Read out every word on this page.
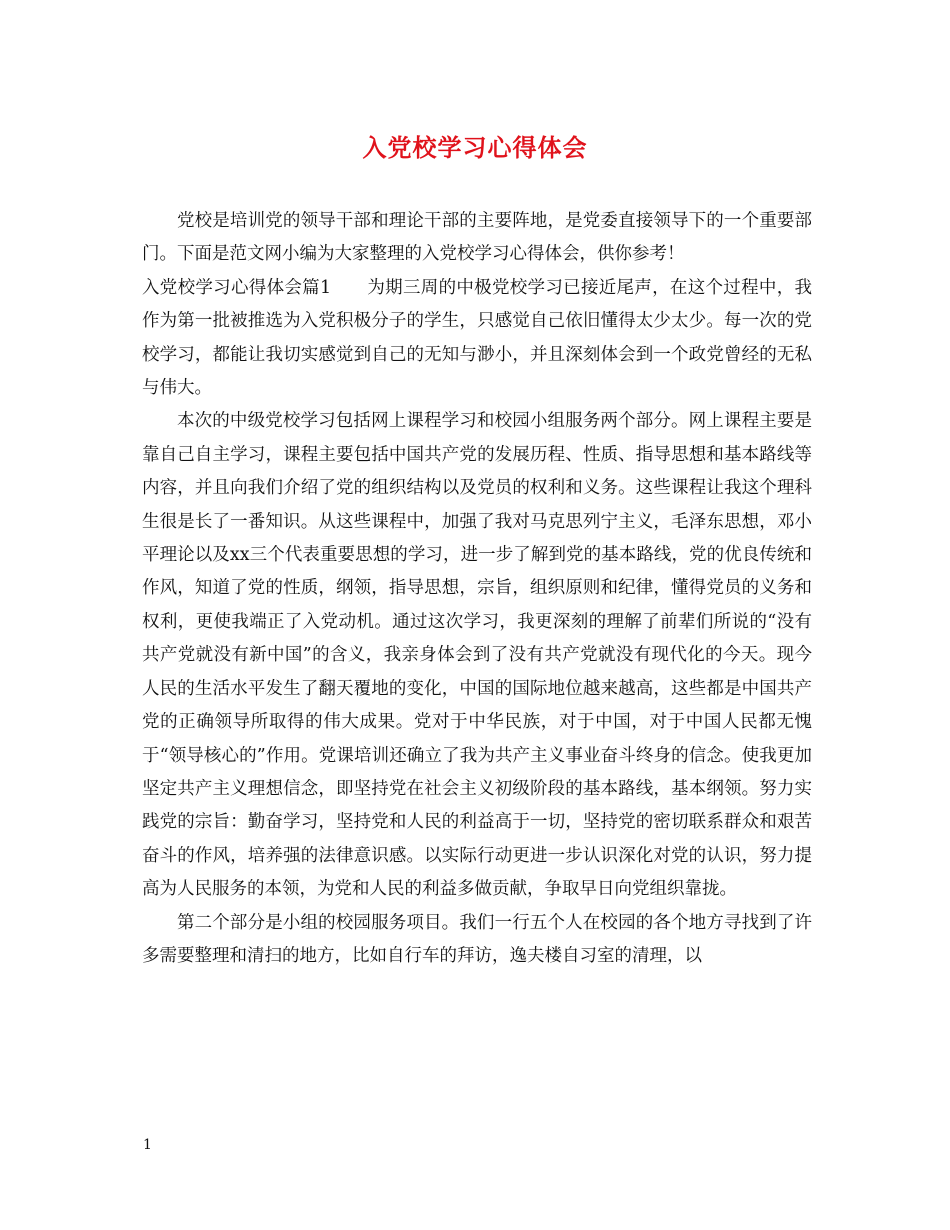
入党校学习心得体会

党校是培训党的领导干部和理论干部的主要阵地，是党委直接领导下的一个重要部门。下面是范文网小编为大家整理的入党校学习心得体会，供你参考！

入党校学习心得体会篇1 为期三周的中极党校学习已接近尾声，在这个过程中，我作为第一批被推选为入党积极分子的学生，只感觉自己依旧懂得太少太少。每一次的党校学习，都能让我切实感觉到自己的无知与渺小，并且深刻体会到一个政党曾经的无私与伟大。

本次的中级党校学习包括网上课程学习和校园小组服务两个部分。网上课程主要是靠自己自主学习，课程主要包括中国共产党的发展历程、性质、指导思想和基本路线等内容，并且向我们介绍了党的组织结构以及党员的权利和义务。这些课程让我这个理科生很是长了一番知识。从这些课程中，加强了我对马克思列宁主义，毛泽东思想，邓小平理论以及xx三个代表重要思想的学习，进一步了解到党的基本路线，党的优良传统和作风，知道了党的性质，纲领，指导思想，宗旨，组织原则和纪律，懂得党员的义务和权利，更使我端正了入党动机。通过这次学习，我更深刻的理解了前辈们所说的“没有共产党就没有新中国”的含义，我亲身体会到了没有共产党就没有现代化的今天。现今人民的生活水平发生了翻天覆地的变化，中国的国际地位越来越高，这些都是中国共产党的正确领导所取得的伟大成果。党对于中华民族，对于中国，对于中国人民都无愧于“领导核心的”作用。党课培训还确立了我为共产主义事业奋斗终身的信念。使我更加坚定共产主义理想信念，即坚持党在社会主义初级阶段的基本路线，基本纲领。努力实践党的宗旨：勤奋学习，坚持党和人民的利益高于一切，坚持党的密切联系群众和艰苦奋斗的作风，培养强的法律意识感。以实际行动更进一步认识深化对党的认识，努力提高为人民服务的本领，为党和人民的利益多做贡献，争取早日向党组织靠拢。

第二个部分是小组的校园服务项目。我们一行五个人在校园的各个地方寻找到了许多需要整理和清扫的地方，比如自行车的拜访，逸夫楼自习室的清理，以

1
